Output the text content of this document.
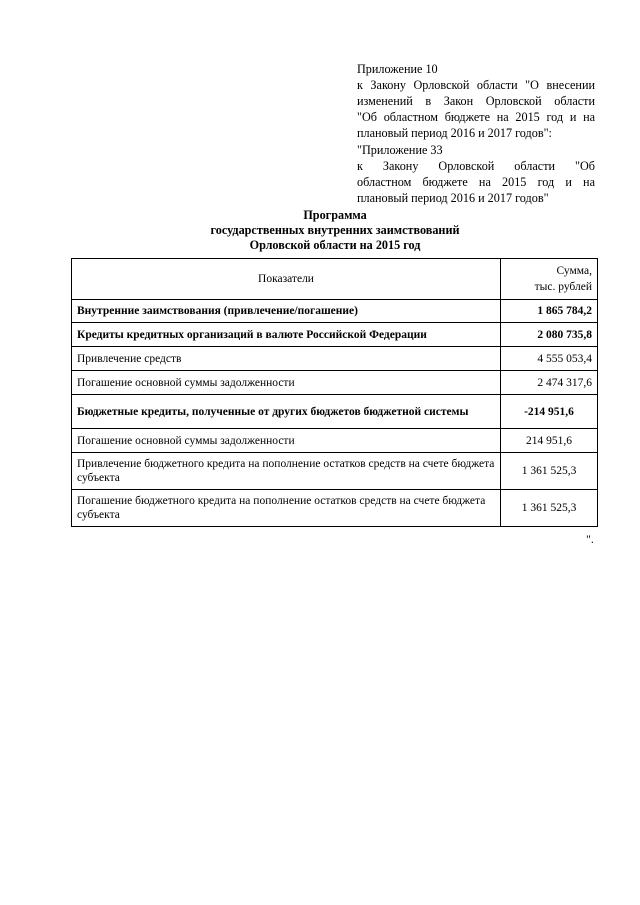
Приложение 10
к Закону Орловской области "О внесении
изменений в Закон Орловской области
"Об областном бюджете на 2015 год и на
плановый период 2016 и 2017 годов":
"Приложение 33
к Закону Орловской области "Об
областном бюджете на 2015 год и на
плановый период 2016 и 2017 годов"
Программа
государственных внутренних заимствований
Орловской области на 2015 год
Показатели	Сумма,
тыс. рублей

Внутренние заимствования (привлечение/погашение)	1 865 784,2
Кредиты кредитных организаций в валюте Российской Федерации	2 080 735,8
Привлечение средств	4 555 053,4
Погашение основной суммы задолженности	2 474 317,6
Бюджетные кредиты, полученные от других бюджетов бюджетной системы	-214 951,6
Погашение основной суммы задолженности	214 951,6
Привлечение бюджетного кредита на пополнение остатков средств на счете бюджета субъекта	1 361 525,3
Погашение бюджетного кредита на пополнение остатков средств на счете бюджета субъекта	1 361 525,3
".
